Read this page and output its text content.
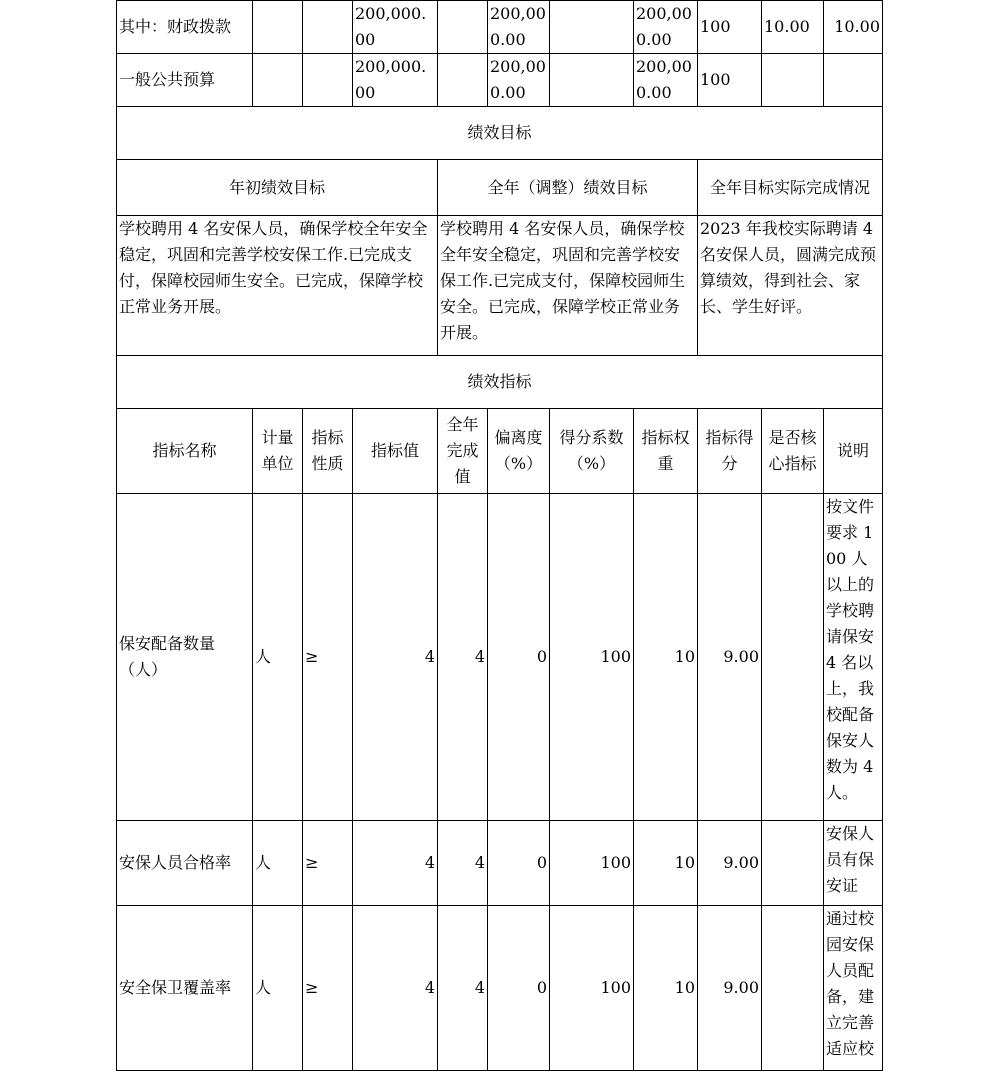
其中：财政拨款			200,000.00		200,000.00		200,000.00	100	10.00	10.00
一般公共预算			200,000.00		200,000.00		200,000.00	100		
绩效目标										
年初绩效目标				全年（调整）绩效目标				全年目标实际完成情况		
学校聘用 4 名安保人员，确保学校全年安全稳定，巩固和完善学校安保工作.已完成支付，保障校园师生安全。已完成，保障学校正常业务开展。				学校聘用 4 名安保人员，确保学校全年安全稳定，巩固和完善学校安保工作.已完成支付，保障校园师生安全。已完成，保障学校正常业务开展。				2023 年我校实际聘请 4 名安保人员，圆满完成预算绩效，得到社会、家长、学生好评。		
绩效指标										
指标名称	计量单位	指标性质	指标值	全年完成值	偏离度（%）	得分系数（%）	指标权重	指标得分	是否核心指标	说明
保安配备数量（人）	人	≥	4	4	0	100	10	9.00		按文件要求 100 人以上的学校聘请保安 4 名以上，我校配备保安人数为 4 人。
安保人员合格率	人	≥	4	4	0	100	10	9.00		安保人员有保安证
安全保卫覆盖率	人	≥	4	4	0	100	10	9.00		通过校园安保人员配备，建立完善适应校
